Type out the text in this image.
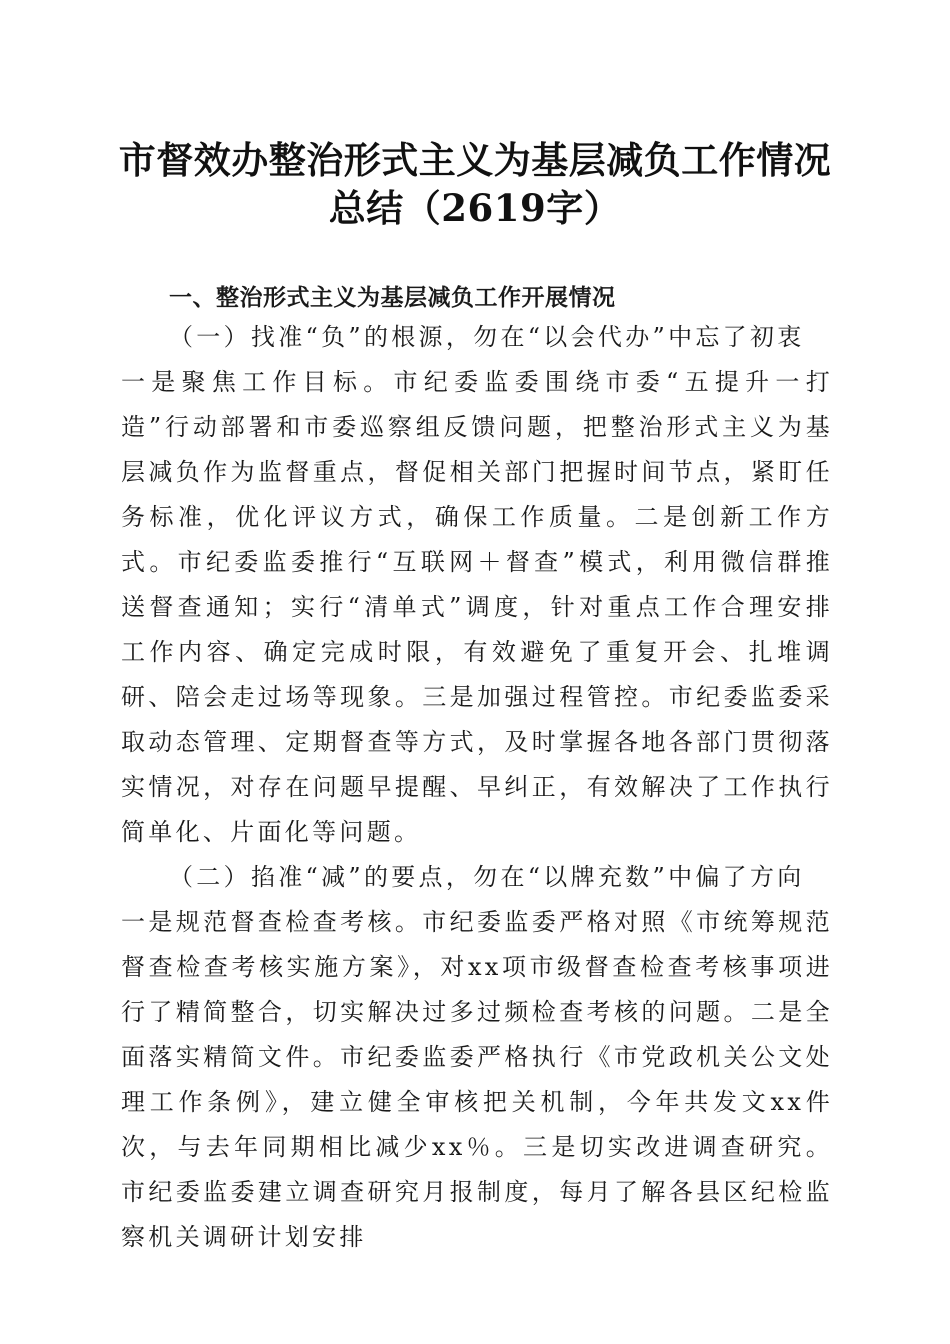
市督效办整治形式主义为基层减负工作情况总结（2619字）

一、整治形式主义为基层减负工作开展情况

（一）找准“负”的根源，勿在“以会代办”中忘了初衷

一是聚焦工作目标。市纪委监委围绕市委“五提升一打造”行动部署和市委巡察组反馈问题，把整治形式主义为基层减负作为监督重点，督促相关部门把握时间节点，紧盯任务标准，优化评议方式，确保工作质量。二是创新工作方式。市纪委监委推行“互联网＋督查”模式，利用微信群推送督查通知；实行“清单式”调度，针对重点工作合理安排工作内容、确定完成时限，有效避免了重复开会、扎堆调研、陪会走过场等现象。三是加强过程管控。市纪委监委采取动态管理、定期督查等方式，及时掌握各地各部门贯彻落实情况，对存在问题早提醒、早纠正，有效解决了工作执行简单化、片面化等问题。

（二）掐准“减”的要点，勿在“以牌充数”中偏了方向

一是规范督查检查考核。市纪委监委严格对照《市统筹规范督查检查考核实施方案》，对xx项市级督查检查考核事项进行了精简整合，切实解决过多过频检查考核的问题。二是全面落实精简文件。市纪委监委严格执行《市党政机关公文处理工作条例》，建立健全审核把关机制，今年共发文xx件次，与去年同期相比减少xx％。三是切实改进调查研究。市纪委监委建立调查研究月报制度，每月了解各县区纪检监察机关调研计划安排
